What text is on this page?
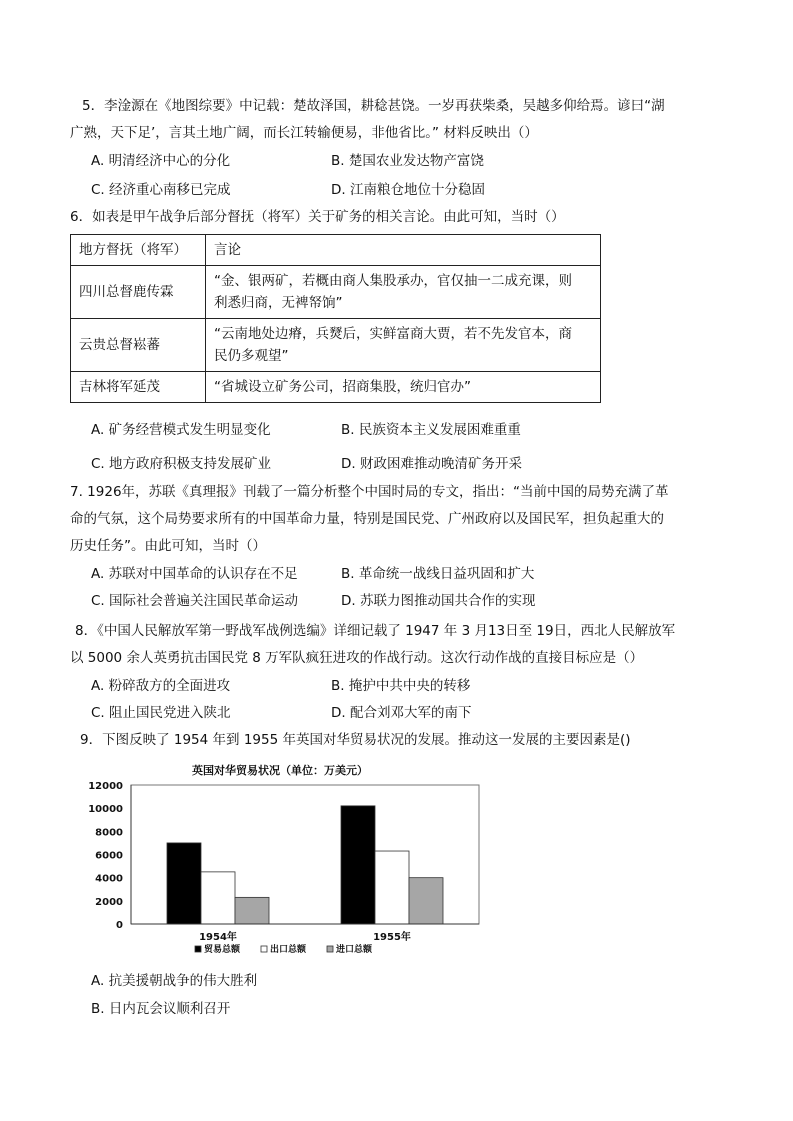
5．李淦源在《地图综要》中记载：楚故泽国，耕稔甚饶。一岁再获柴桑，吴越多仰给焉。谚曰“湖
广熟，天下足’，言其土地广阔，而长江转输便易，非他省比。” 材料反映出（）
A. 明清经济中心的分化	B. 楚国农业发达物产富饶
C. 经济重心南移已完成	D. 江南粮仓地位十分稳固
6．如表是甲午战争后部分督抚（将军）关于矿务的相关言论。由此可知，当时（）
地方督抚（将军）	言论
四川总督鹿传霖	“金、银两矿，若概由商人集股承办，官仅抽一二成充课，则
利悉归商，无裨帑饷”

云贵总督崧蕃	“云南地处边瘠，兵燹后，实鲜富商大贾，若不先发官本，商
民仍多观望”

吉林将军延茂	“省城设立矿务公司，招商集股，统归官办”
A. 矿务经营模式发生明显变化	B. 民族资本主义发展困难重重
C. 地方政府积极支持发展矿业	D. 财政困难推动晚清矿务开采
7. 1926年，苏联《真理报》刊载了一篇分析整个中国时局的专文，指出：“当前中国的局势充满了革
命的气氛，这个局势要求所有的中国革命力量，特别是国民党、广州政府以及国民军，担负起重大的
历史任务”。由此可知，当时（）
A. 苏联对中国革命的认识存在不足	B. 革命统一战线日益巩固和扩大
C. 国际社会普遍关注国民革命运动	D. 苏联力图推动国共合作的实现
8．《中国人民解放军第一野战军战例选编》详细记载了 1947 年 3 月13日至 19日，西北人民解放军
以 5000 余人英勇抗击国民党 8 万军队疯狂进攻的作战行动。这次行动作战的直接目标应是（）
A. 粉碎敌方的全面进攻	B. 掩护中共中央的转移
C. 阻止国民党进入陕北	D. 配合刘邓大军的南下
9．下图反映了 1954 年到 1955 年英国对华贸易状况的发展。推动这一发展的主要因素是()
英国对华贸易状况（单位：万美元）
0
2000
4000
6000
8000
10000
12000
1954年	1955年
贸易总额	出口总额	进口总额
A. 抗美援朝战争的伟大胜利
B. 日内瓦会议顺利召开
